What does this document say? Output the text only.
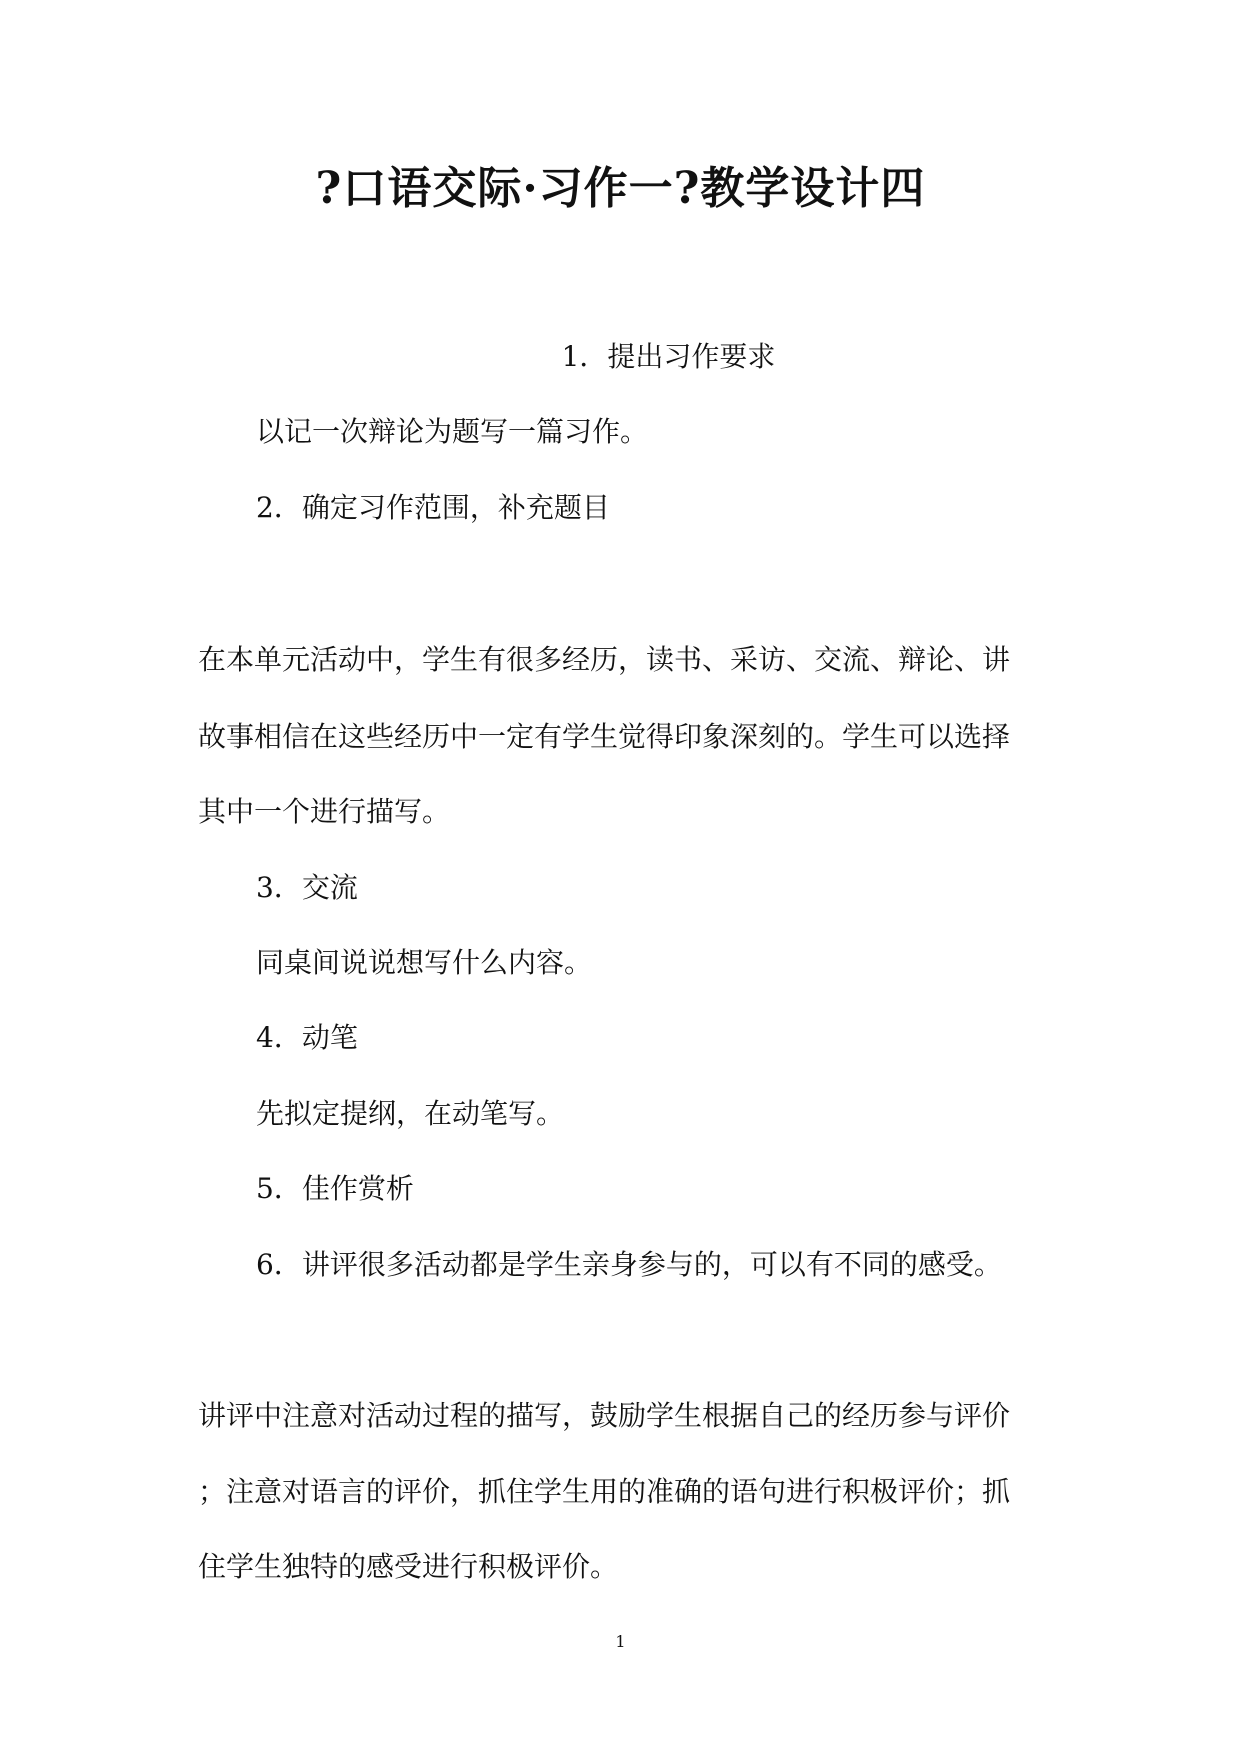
?口语交际·习作一?教学设计四
1．提出习作要求
以记一次辩论为题写一篇习作。
2．确定习作范围，补充题目
在本单元活动中，学生有很多经历，读书、采访、交流、辩论、讲
故事相信在这些经历中一定有学生觉得印象深刻的。学生可以选择
其中一个进行描写。
3．交流
同桌间说说想写什么内容。
4．动笔
先拟定提纲，在动笔写。
5．佳作赏析
6．讲评很多活动都是学生亲身参与的，可以有不同的感受。
讲评中注意对活动过程的描写，鼓励学生根据自己的经历参与评价
；注意对语言的评价，抓住学生用的准确的语句进行积极评价；抓
住学生独特的感受进行积极评价。
1
